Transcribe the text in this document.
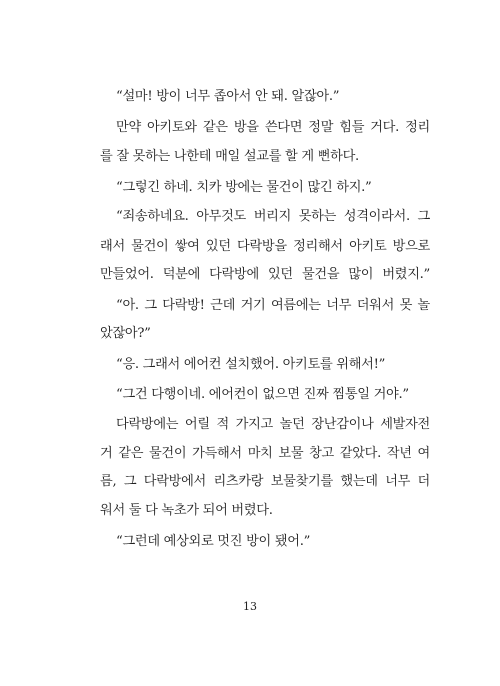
“설마! 방이 너무 좁아서 안 돼. 알잖아.”
만약 아키토와 같은 방을 쓴다면 정말 힘들 거다. 정리
를 잘 못하는 나한테 매일 설교를 할 게 뻔하다.
“그렇긴 하네. 치카 방에는 물건이 많긴 하지.”
“죄송하네요. 아무것도 버리지 못하는 성격이라서. 그
래서 물건이 쌓여 있던 다락방을 정리해서 아키토 방으로
만들었어. 덕분에 다락방에 있던 물건을 많이 버렸지.”
“아. 그 다락방! 근데 거기 여름에는 너무 더워서 못 놀
았잖아?”
“응. 그래서 에어컨 설치했어. 아키토를 위해서!”
“그건 다행이네. 에어컨이 없으면 진짜 찜통일 거야.”
다락방에는 어릴 적 가지고 놀던 장난감이나 세발자전
거 같은 물건이 가득해서 마치 보물 창고 같았다. 작년 여
름, 그 다락방에서 리츠카랑 보물찾기를 했는데 너무 더
워서 둘 다 녹초가 되어 버렸다.
“그런데 예상외로 멋진 방이 됐어.”
13
